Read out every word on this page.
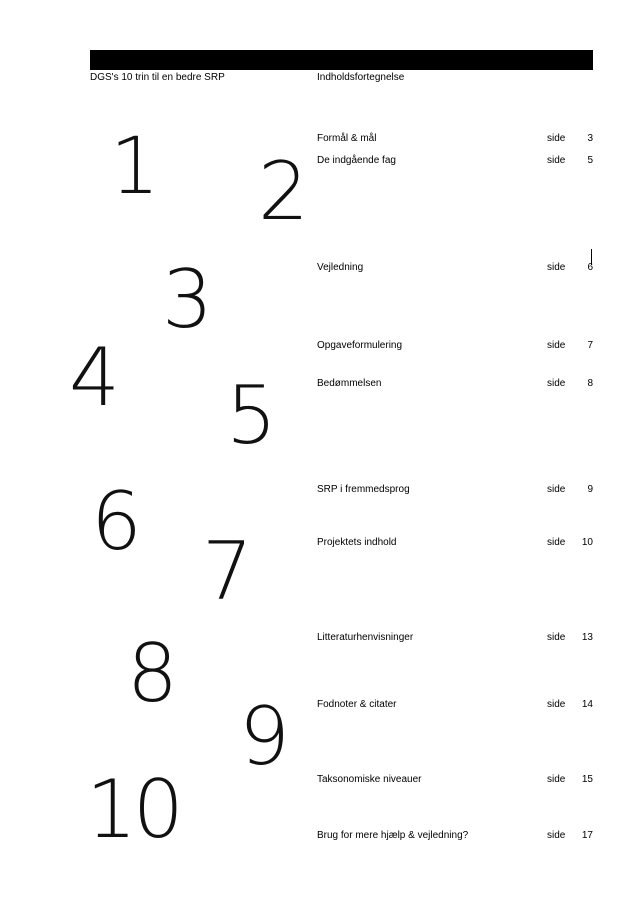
DGS's 10 trin til en bedre SRP	Indholdsfortegnelse
1 2
3
4 5
6
7
8
9
10
Formål & mål	side 3
De indgående fag	side 5
Vejledning	side 6
Opgaveformulering	side 7
Bedømmelsen	side 8
SRP i fremmedsprog	side 9
Projektets indhold	side 10
Litteraturhenvisninger	side 13
Fodnoter & citater	side 14
Taksonomiske niveauer	side 15
Brug for mere hjælp & vejledning?	side 17
